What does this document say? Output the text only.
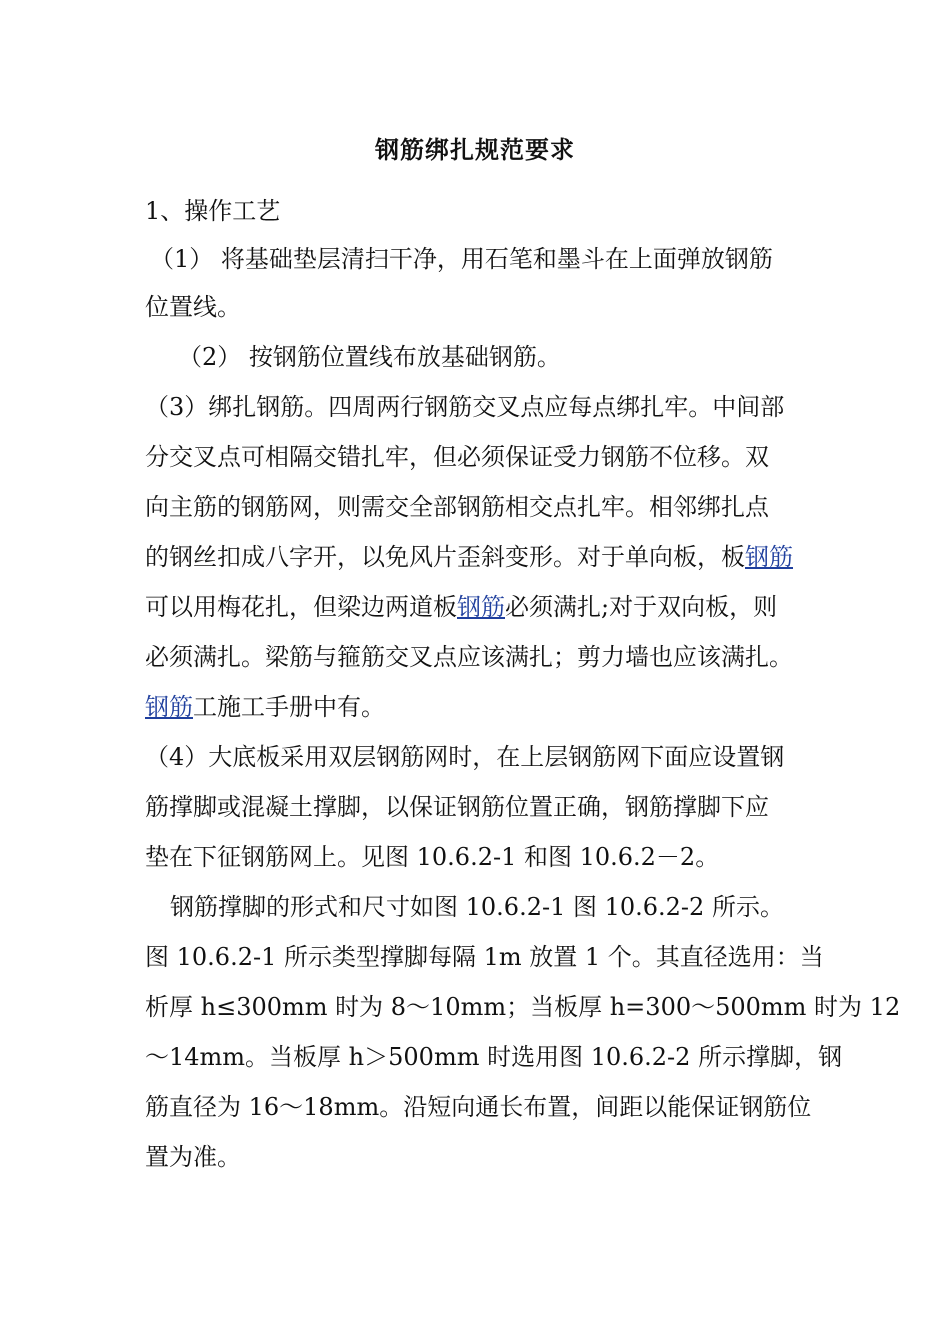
钢筋绑扎规范要求
1、操作工艺
（1） 将基础垫层清扫干净，用石笔和墨斗在上面弹放钢筋
位置线。
（2） 按钢筋位置线布放基础钢筋。
（3）绑扎钢筋。四周两行钢筋交叉点应每点绑扎牢。中间部
分交叉点可相隔交错扎牢，但必须保证受力钢筋不位移。双
向主筋的钢筋网，则需交全部钢筋相交点扎牢。相邻绑扎点
的钢丝扣成八字开，以免风片歪斜变形。对于单向板，板钢筋
可以用梅花扎，但梁边两道板钢筋必须满扎;对于双向板，则
必须满扎。梁筋与箍筋交叉点应该满扎；剪力墙也应该满扎。
钢筋工施工手册中有。
（4）大底板采用双层钢筋网时，在上层钢筋网下面应设置钢
筋撑脚或混凝土撑脚，以保证钢筋位置正确，钢筋撑脚下应
垫在下征钢筋网上。见图 10.6.2-1 和图 10.6.2－2。
钢筋撑脚的形式和尺寸如图 10.6.2-1 图 10.6.2-2 所示。
图 10.6.2-1 所示类型撑脚每隔 1m 放置 1 个。其直径选用：当
析厚 h≤300mm 时为 8～10mm；当板厚 h=300～500mm 时为 12
～14mm。当板厚 h＞500mm 时选用图 10.6.2-2 所示撑脚，钢
筋直径为 16～18mm。沿短向通长布置，间距以能保证钢筋位
置为准。
